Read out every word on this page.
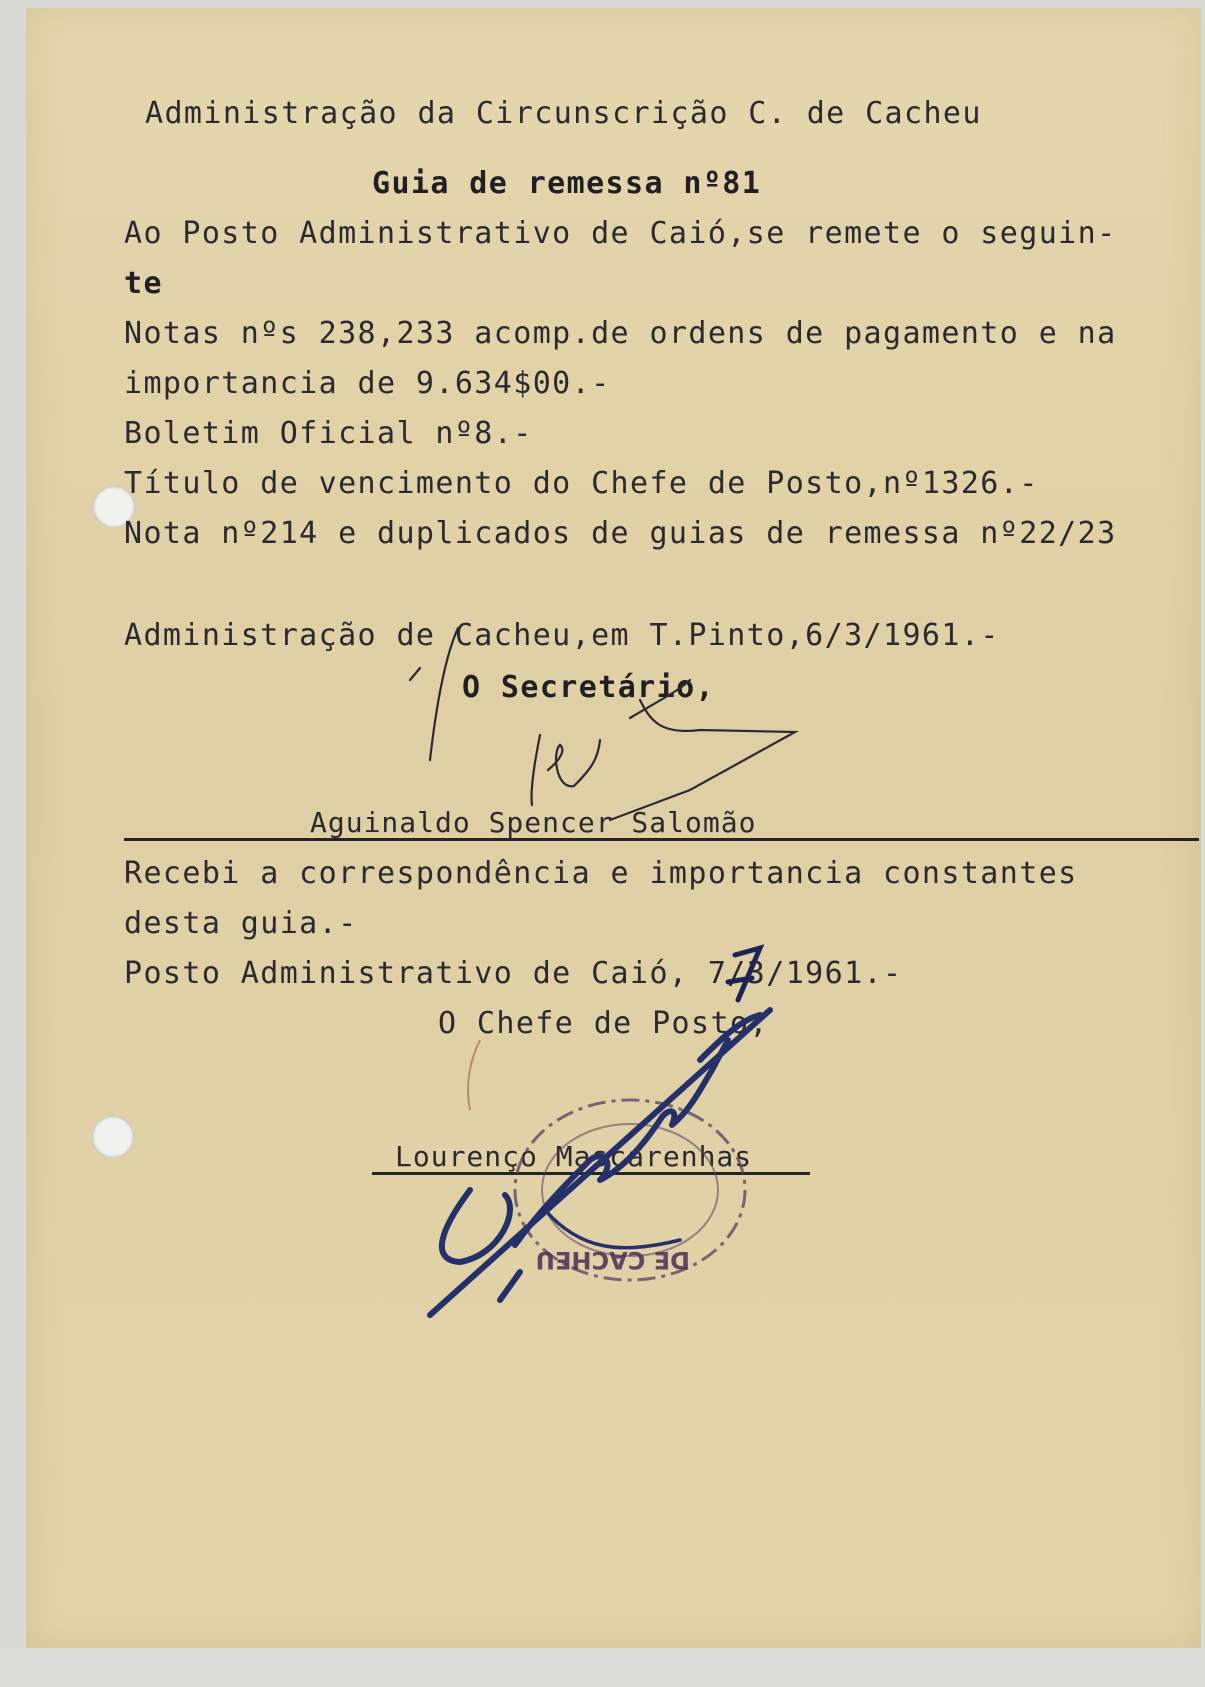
Administração da Circunscrição C. de Cacheu
Guia de remessa nº81
Ao Posto Administrativo de Caió,se remete o seguin-
te
Notas nºs 238,233 acomp.de ordens de pagamento e na
importancia de 9.634$00.-
Boletim Oficial nº8.-
Título de vencimento do Chefe de Posto,nº1326.-
Nota nº214 e duplicados de guias de remessa nº22/23
Administração de Cacheu,em T.Pinto,6/3/1961.-
O Secretário,
Aguinaldo Spencer Salomão
Recebi a correspondência e importancia constantes
desta guia.-
Posto Administrativo de Caió, 7/3/1961.-
O Chefe de Posto,
Lourenço Mascarenhas
DE CACHEU
